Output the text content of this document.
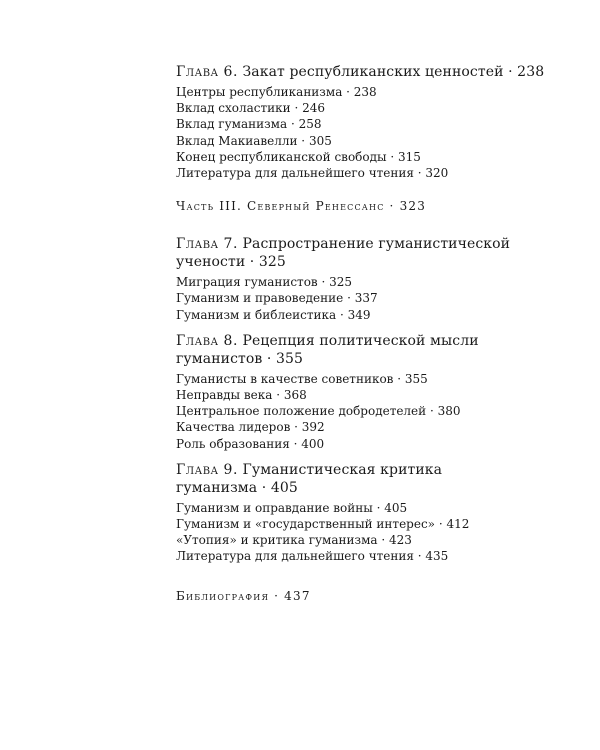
Глава 6. Закат республиканских ценностей · 238

Центры республиканизма · 238
Вклад схоластики · 246
Вклад гуманизма · 258
Вклад Макиавелли · 305
Конец республиканской свободы · 315
Литература для дальнейшего чтения · 320

Часть III. Северный Ренессанс · 323

Глава 7. Распространение гуманистической
учености · 325

Миграция гуманистов · 325
Гуманизм и правоведение · 337
Гуманизм и библеистика · 349

Глава 8. Рецепция политической мысли
гуманистов · 355

Гуманисты в качестве советников · 355
Неправды века · 368
Центральное положение добродетелей · 380
Качества лидеров · 392
Роль образования · 400

Глава 9. Гуманистическая критика
гуманизма · 405

Гуманизм и оправдание войны · 405
Гуманизм и «государственный интерес» · 412
«Утопия» и критика гуманизма · 423
Литература для дальнейшего чтения · 435

Библиография · 437
